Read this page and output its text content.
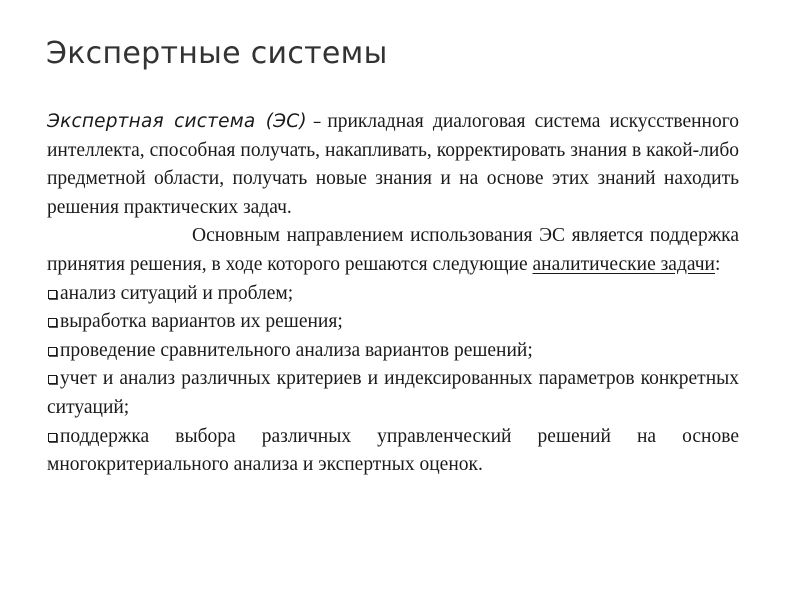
Экспертные системы

Экспертная система (ЭС) – прикладная диалоговая система искусственного интеллекта, способная получать, накапливать, корректировать знания в какой-либо предметной области, получать новые знания и на основе этих знаний находить решения практических задач.

Основным направлением использования ЭС является поддержка принятия решения, в ходе которого решаются следующие аналитические задачи:

анализ ситуаций и проблем;
выработка вариантов их решения;
проведение сравнительного анализа вариантов решений;
учет и анализ различных критериев и индексированных параметров конкретных ситуаций;
поддержка выбора различных управленческий решений на основе многокритериального анализа и экспертных оценок.
